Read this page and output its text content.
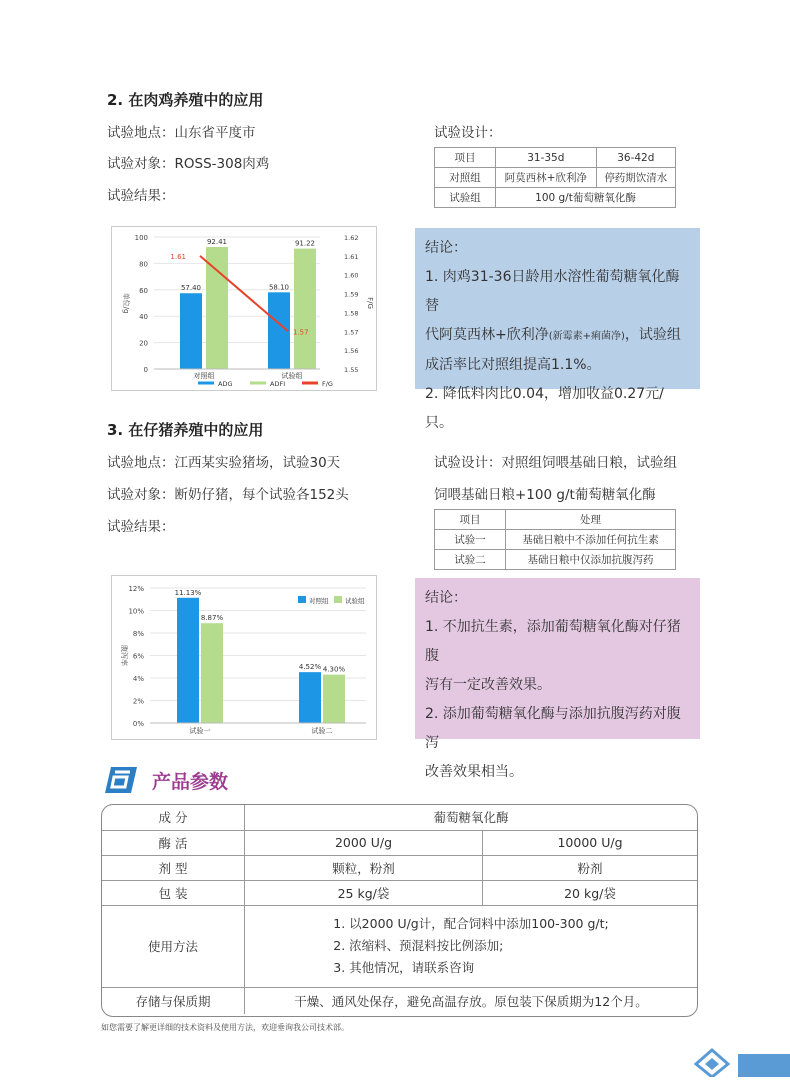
2. 在肉鸡养殖中的应用
试验地点：山东省平度市
试验对象：ROSS-308肉鸡
试验结果：
试验设计：
项目	31-35d	36-42d
对照组	阿莫西林+欣利净	停药期饮清水
试验组	100 g/t葡萄糖氧化酶	
0
20
40
60
80
100
1.55
1.56
1.57
1.58
1.59
1.60
1.61
1.62
单位/g	F/G
57.40
92.41
对照组
58.10
91.22
试验组
1.61
1.57
ADG	ADFI	F/G
结论：
1. 肉鸡31-36日龄用水溶性葡萄糖氧化酶替
代阿莫西林+欣利净(新霉素+痢菌净)，试验组
成活率比对照组提高1.1%。
2. 降低料肉比0.04，增加收益0.27元/只。
3. 在仔猪养殖中的应用
试验地点：江西某实验猪场，试验30天
试验对象：断奶仔猪，每个试验各152头
试验结果：
试验设计：对照组饲喂基础日粮，试验组
饲喂基础日粮+100 g/t葡萄糖氧化酶
项目	处理
试验一	基础日粮中不添加任何抗生素
试验二	基础日粮中仅添加抗腹泻药
0%
2%
4%
6%
8%
10%
12%
腹泻率
11.13%
8.87%
试验一
4.52% 4.30%
试验二
对照组	试验组	结论：
1. 不加抗生素，添加葡萄糖氧化酶对仔猪腹
泻有一定改善效果。
2. 添加葡萄糖氧化酶与添加抗腹泻药对腹泻
改善效果相当。
产品参数
成 分	葡萄糖氧化酶	
酶 活	2000 U/g	10000 U/g
剂 型	颗粒，粉剂	粉剂
包 装	25 kg/袋	20 kg/袋
使用方法	1. 以2000 U/g计，配合饲料中添加100-300 g/t;
2. 浓缩料、预混料按比例添加;
3. 其他情况，请联系咨询	

存储与保质期	干燥、通风处保存，避免高温存放。原包装下保质期为12个月。	
如您需要了解更详细的技术资料及使用方法，欢迎垂询我公司技术部。
